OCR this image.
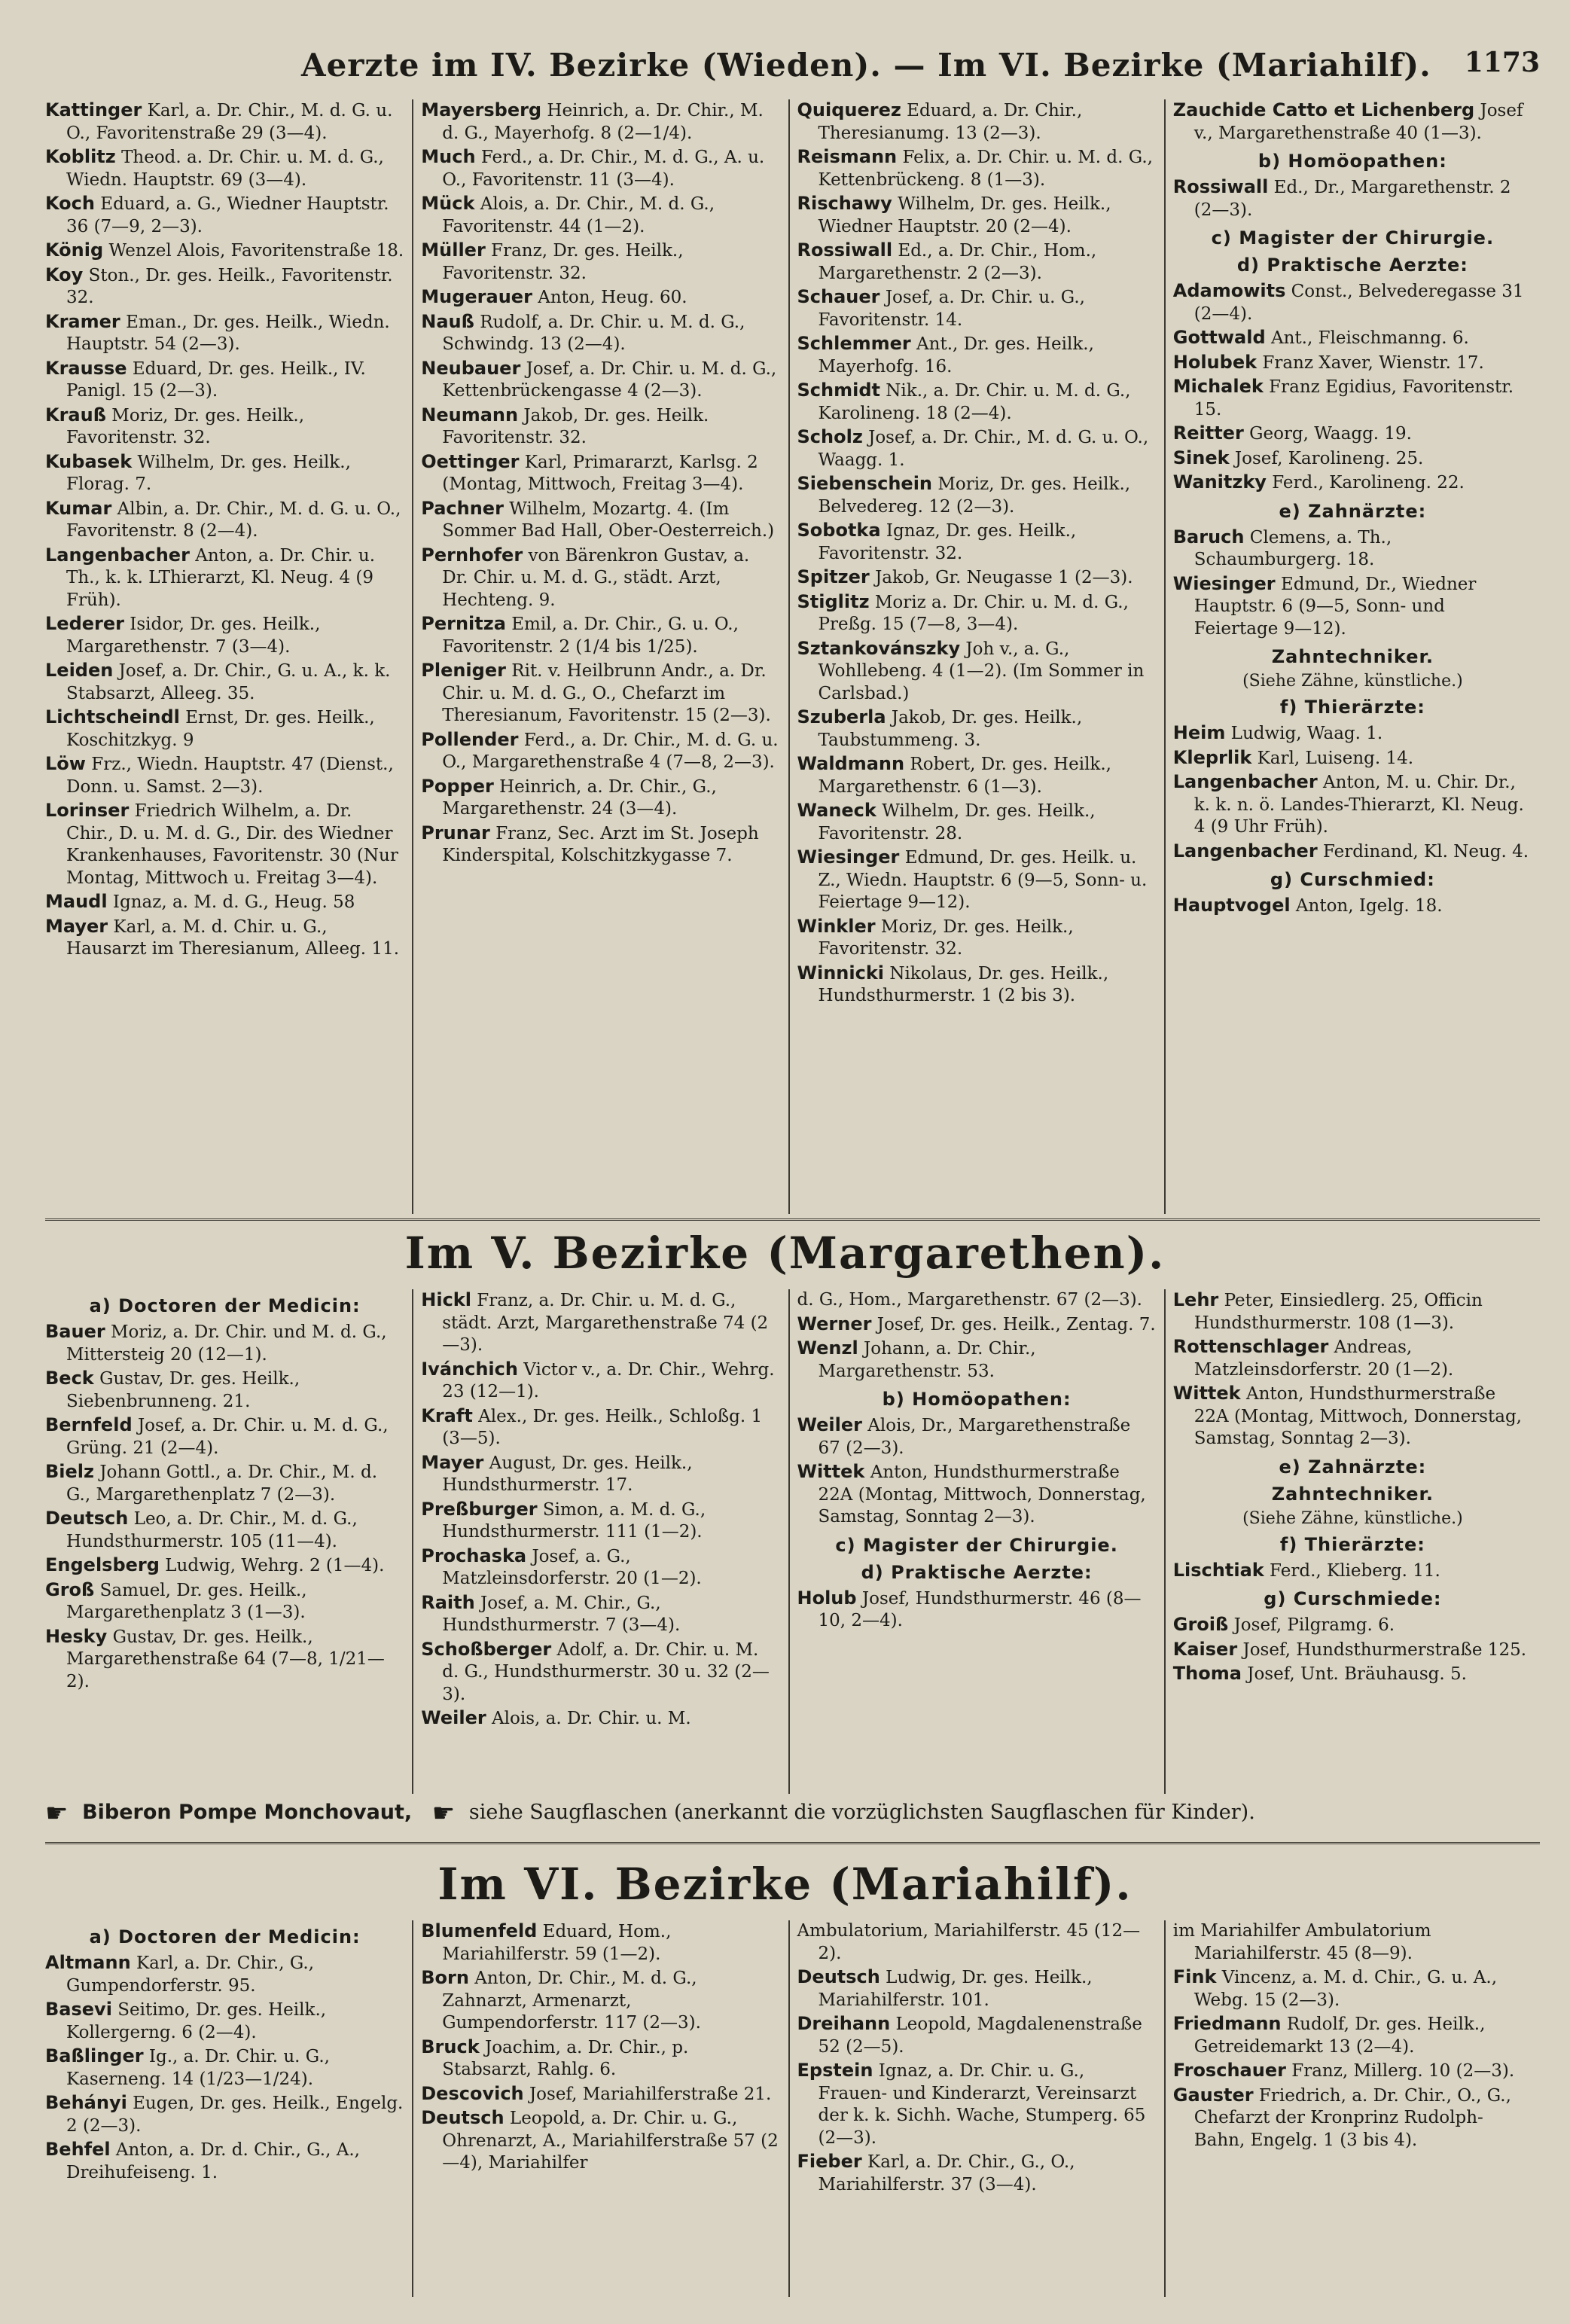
Aerzte im IV. Bezirke (Wieden). — Im VI. Bezirke (Mariahilf). 1173
Kattinger Karl, a. Dr. Chir., M. d. G. u. O., Favoritenstraße 29 (3—4).
Koblitz Theod. a. Dr. Chir. u. M. d. G., Wiedn. Hauptstr. 69 (3—4).
Koch Eduard, a. G., Wiedner Hauptstr. 36 (7—9, 2—3).
König Wenzel Alois, Favoritenstraße 18.
Koy Ston., Dr. ges. Heilk., Favoritenstr. 32.
Kramer Eman., Dr. ges. Heilk., Wiedn. Hauptstr. 54 (2—3).
Krausse Eduard, Dr. ges. Heilk., IV. Panigl. 15 (2—3).
Krauß Moriz, Dr. ges. Heilk., Favoritenstr. 32.
Kubasek Wilhelm, Dr. ges. Heilk., Florag. 7.
Kumar Albin, a. Dr. Chir., M. d. G. u. O., Favoritenstr. 8 (2—4).
Langenbacher Anton, a. Dr. Chir. u. Th., k. k. LThierarzt, Kl. Neug. 4 (9 Früh).
Lederer Isidor, Dr. ges. Heilk., Margarethenstr. 7 (3—4).
Leiden Josef, a. Dr. Chir., G. u. A., k. k. Stabsarzt, Alleeg. 35.
Lichtscheindl Ernst, Dr. ges. Heilk., Koschitzkyg. 9
Löw Frz., Wiedn. Hauptstr. 47 (Dienst., Donn. u. Samst. 2—3).
Lorinser Friedrich Wilhelm, a. Dr. Chir., D. u. M. d. G., Dir. des Wiedner Krankenhauses, Favoritenstr. 30 (Nur Montag, Mittwoch u. Freitag 3—4).
Maudl Ignaz, a. M. d. G., Heug. 58
Mayer Karl, a. M. d. Chir. u. G., Hausarzt im Theresianum, Alleeg. 11.
Mayersberg Heinrich, a. Dr. Chir., M. d. G., Mayerhofg. 8 (2—1/4).
Much Ferd., a. Dr. Chir., M. d. G., A. u. O., Favoritenstr. 11 (3—4).
Mück Alois, a. Dr. Chir., M. d. G., Favoritenstr. 44 (1—2).
Müller Franz, Dr. ges. Heilk., Favoritenstr. 32.
Mugerauer Anton, Heug. 60.
Nauß Rudolf, a. Dr. Chir. u. M. d. G., Schwindg. 13 (2—4).
Neubauer Josef, a. Dr. Chir. u. M. d. G., Kettenbrückengasse 4 (2—3).
Neumann Jakob, Dr. ges. Heilk. Favoritenstr. 32.
Oettinger Karl, Primararzt, Karlsg. 2 (Montag, Mittwoch, Freitag 3—4).
Pachner Wilhelm, Mozartg. 4. (Im Sommer Bad Hall, Ober-Oesterreich.)
Pernhofer von Bärenkron Gustav, a. Dr. Chir. u. M. d. G., städt. Arzt, Hechteng. 9.
Pernitza Emil, a. Dr. Chir., G. u. O., Favoritenstr. 2 (1/4 bis 1/25).
Pleniger Rit. v. Heilbrunn Andr., a. Dr. Chir. u. M. d. G., O., Chefarzt im Theresianum, Favoritenstr. 15 (2—3).
Pollender Ferd., a. Dr. Chir., M. d. G. u. O., Margarethenstraße 4 (7—8, 2—3).
Popper Heinrich, a. Dr. Chir., G., Margarethenstr. 24 (3—4).
Prunar Franz, Sec. Arzt im St. Joseph Kinderspital, Kolschitzkygasse 7.
Quiquerez Eduard, a. Dr. Chir., Theresianumg. 13 (2—3).
Reismann Felix, a. Dr. Chir. u. M. d. G., Kettenbrückeng. 8 (1—3).
Rischawy Wilhelm, Dr. ges. Heilk., Wiedner Hauptstr. 20 (2—4).
Rossiwall Ed., a. Dr. Chir., Hom., Margarethenstr. 2 (2—3).
Schauer Josef, a. Dr. Chir. u. G., Favoritenstr. 14.
Schlemmer Ant., Dr. ges. Heilk., Mayerhofg. 16.
Schmidt Nik., a. Dr. Chir. u. M. d. G., Karolineng. 18 (2—4).
Scholz Josef, a. Dr. Chir., M. d. G. u. O., Waagg. 1.
Siebenschein Moriz, Dr. ges. Heilk., Belvedereg. 12 (2—3).
Sobotka Ignaz, Dr. ges. Heilk., Favoritenstr. 32.
Spitzer Jakob, Gr. Neugasse 1 (2—3).
Stiglitz Moriz a. Dr. Chir. u. M. d. G., Preßg. 15 (7—8, 3—4).
Sztankovánszky Joh v., a. G., Wohllebeng. 4 (1—2). (Im Sommer in Carlsbad.)
Szuberla Jakob, Dr. ges. Heilk., Taubstummeng. 3.
Waldmann Robert, Dr. ges. Heilk., Margarethenstr. 6 (1—3).
Waneck Wilhelm, Dr. ges. Heilk., Favoritenstr. 28.
Wiesinger Edmund, Dr. ges. Heilk. u. Z., Wiedn. Hauptstr. 6 (9—5, Sonn- u. Feiertage 9—12).
Winkler Moriz, Dr. ges. Heilk., Favoritenstr. 32.
Winnicki Nikolaus, Dr. ges. Heilk., Hundsthurmerstr. 1 (2 bis 3).
Zauchide Catto et Lichenberg Josef v., Margarethenstraße 40 (1—3).
b) Homöopathen:
Rossiwall Ed., Dr., Margarethenstr. 2 (2—3).
c) Magister der Chirurgie.
d) Praktische Aerzte:
Adamowits Const., Belvederegasse 31 (2—4).
Gottwald Ant., Fleischmanng. 6.
Holubek Franz Xaver, Wienstr. 17.
Michalek Franz Egidius, Favoritenstr. 15.
Reitter Georg, Waagg. 19.
Sinek Josef, Karolineng. 25.
Wanitzky Ferd., Karolineng. 22.
e) Zahnärzte:
Baruch Clemens, a. Th., Schaumburgerg. 18.
Wiesinger Edmund, Dr., Wiedner Hauptstr. 6 (9—5, Sonn- und Feiertage 9—12).
Zahntechniker.
(Siehe Zähne, künstliche.)
f) Thierärzte:
Heim Ludwig, Waag. 1.
Kleprlik Karl, Luiseng. 14.
Langenbacher Anton, M. u. Chir. Dr., k. k. n. ö. Landes-Thierarzt, Kl. Neug. 4 (9 Uhr Früh).
Langenbacher Ferdinand, Kl. Neug. 4.
g) Curschmied:
Hauptvogel Anton, Igelg. 18.
Im V. Bezirke (Margarethen).
a) Doctoren der Medicin:
Bauer Moriz, a. Dr. Chir. und M. d. G., Mittersteig 20 (12—1).
Beck Gustav, Dr. ges. Heilk., Siebenbrunneng. 21.
Bernfeld Josef, a. Dr. Chir. u. M. d. G., Grüng. 21 (2—4).
Bielz Johann Gottl., a. Dr. Chir., M. d. G., Margarethenplatz 7 (2—3).
Deutsch Leo, a. Dr. Chir., M. d. G., Hundsthurmerstr. 105 (11—4).
Engelsberg Ludwig, Wehrg. 2 (1—4).
Groß Samuel, Dr. ges. Heilk., Margarethenplatz 3 (1—3).
Hesky Gustav, Dr. ges. Heilk., Margarethenstraße 64 (7—8, 1/21—2).
Hickl Franz, a. Dr. Chir. u. M. d. G., städt. Arzt, Margarethenstraße 74 (2—3).
Ivánchich Victor v., a. Dr. Chir., Wehrg. 23 (12—1).
Kraft Alex., Dr. ges. Heilk., Schloßg. 1 (3—5).
Mayer August, Dr. ges. Heilk., Hundsthurmerstr. 17.
Preßburger Simon, a. M. d. G., Hundsthurmerstr. 111 (1—2).
Prochaska Josef, a. G., Matzleinsdorferstr. 20 (1—2).
Raith Josef, a. M. Chir., G., Hundsthurmerstr. 7 (3—4).
Schoßberger Adolf, a. Dr. Chir. u. M. d. G., Hundsthurmerstr. 30 u. 32 (2—3).
Weiler Alois, a. Dr. Chir. u. M.
d. G., Hom., Margarethenstr. 67 (2—3).
Werner Josef, Dr. ges. Heilk., Zentag. 7.
Wenzl Johann, a. Dr. Chir., Margarethenstr. 53.
b) Homöopathen:
Weiler Alois, Dr., Margarethenstraße 67 (2—3).
Wittek Anton, Hundsthurmerstraße 22A (Montag, Mittwoch, Donnerstag, Samstag, Sonntag 2—3).
c) Magister der Chirurgie.
d) Praktische Aerzte:
Holub Josef, Hundsthurmerstr. 46 (8—10, 2—4).
Lehr Peter, Einsiedlerg. 25, Officin Hundsthurmerstr. 108 (1—3).
Rottenschlager Andreas, Matzleinsdorferstr. 20 (1—2).
Wittek Anton, Hundsthurmerstraße 22A (Montag, Mittwoch, Donnerstag, Samstag, Sonntag 2—3).
e) Zahnärzte:
Zahntechniker.
(Siehe Zähne, künstliche.)
f) Thierärzte:
Lischtiak Ferd., Klieberg. 11.
g) Curschmiede:
Groiß Josef, Pilgramg. 6.
Kaiser Josef, Hundsthurmerstraße 125.
Thoma Josef, Unt. Bräuhausg. 5.
☛ Biberon Pompe Monchovaut, ☛ siehe Saugflaschen (anerkannt die vorzüglichsten Saugflaschen für Kinder).
Im VI. Bezirke (Mariahilf).
a) Doctoren der Medicin:
Altmann Karl, a. Dr. Chir., G., Gumpendorferstr. 95.
Basevi Seitimo, Dr. ges. Heilk., Kollergerng. 6 (2—4).
Baßlinger Ig., a. Dr. Chir. u. G., Kaserneng. 14 (1/23—1/24).
Behányi Eugen, Dr. ges. Heilk., Engelg. 2 (2—3).
Behfel Anton, a. Dr. d. Chir., G., A., Dreihufeiseng. 1.
Blumenfeld Eduard, Hom., Mariahilferstr. 59 (1—2).
Born Anton, Dr. Chir., M. d. G., Zahnarzt, Armenarzt, Gumpendorferstr. 117 (2—3).
Bruck Joachim, a. Dr. Chir., p. Stabsarzt, Rahlg. 6.
Descovich Josef, Mariahilferstraße 21.
Deutsch Leopold, a. Dr. Chir. u. G., Ohrenarzt, A., Mariahilferstraße 57 (2—4), Mariahilfer
Ambulatorium, Mariahilferstr. 45 (12—2).
Deutsch Ludwig, Dr. ges. Heilk., Mariahilferstr. 101.
Dreihann Leopold, Magdalenenstraße 52 (2—5).
Epstein Ignaz, a. Dr. Chir. u. G., Frauen- und Kinderarzt, Vereinsarzt der k. k. Sichh. Wache, Stumperg. 65 (2—3).
Fieber Karl, a. Dr. Chir., G., O., Mariahilferstr. 37 (3—4).
im Mariahilfer Ambulatorium Mariahilferstr. 45 (8—9).
Fink Vincenz, a. M. d. Chir., G. u. A., Webg. 15 (2—3).
Friedmann Rudolf, Dr. ges. Heilk., Getreidemarkt 13 (2—4).
Froschauer Franz, Millerg. 10 (2—3).
Gauster Friedrich, a. Dr. Chir., O., G., Chefarzt der Kronprinz Rudolph-Bahn, Engelg. 1 (3 bis 4).
